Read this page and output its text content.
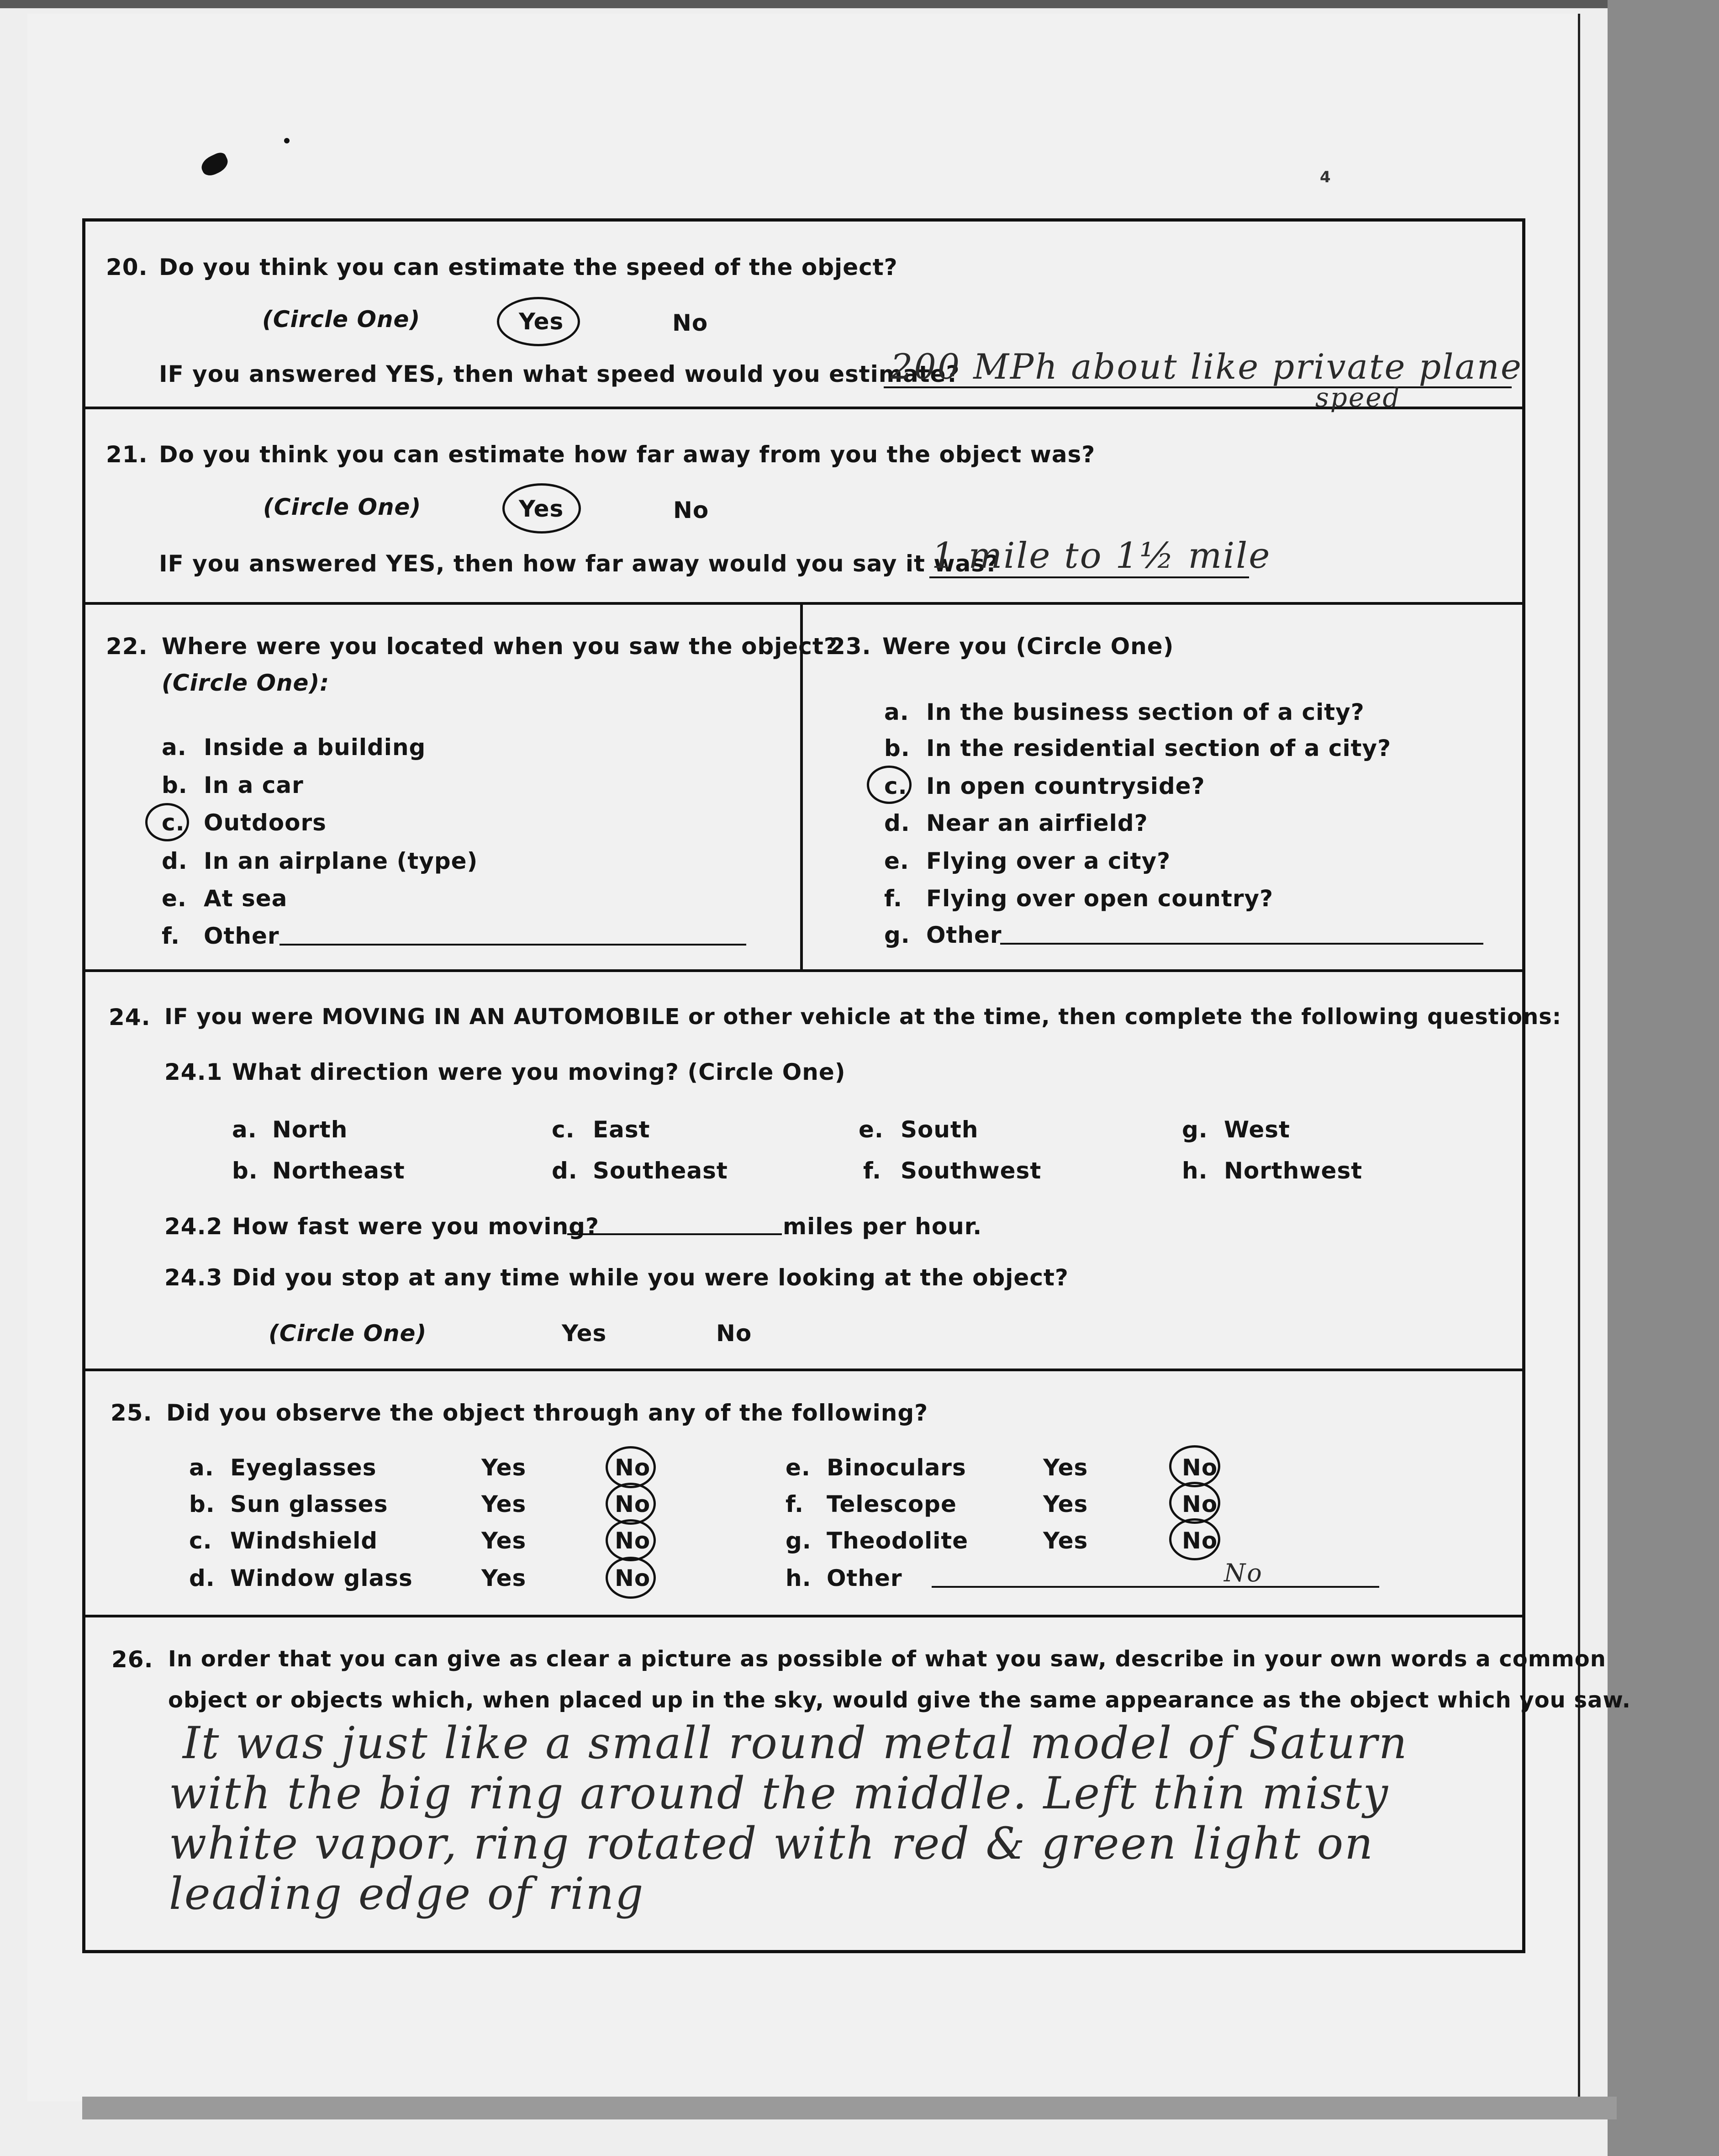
4
20. Do you think you can estimate the speed of the object?
(Circle One)	Yes	No
IF you answered YES, then what speed would you estimate?
200 MPh about like private plane
speed
21. Do you think you can estimate how far away from you the object was?
(Circle One)	Yes	No
IF you answered YES, then how far away would you say it was?
1 mile to 1½ mile
22. Where were you located when you saw the object?
(Circle One):
a. Inside a building
b. In a car
c. Outdoors
d. In an airplane (type)
e. At sea
f. Other
23. Were you (Circle One)
a. In the business section of a city?
b. In the residential section of a city?
c. In open countryside?
d. Near an airfield?
e. Flying over a city?
f. Flying over open country?
g. Other
24. IF you were MOVING IN AN AUTOMOBILE or other vehicle at the time, then complete the following questions:
24.1 What direction were you moving? (Circle One)
a. North
b. Northeast
c. East
d. Southeast
e. South
f. Southwest
g. West
h. Northwest
24.2 How fast were you moving?	miles per hour.
24.3 Did you stop at any time while you were looking at the object?
(Circle One)	Yes	No
25. Did you observe the object through any of the following?
a. Eyeglasses	Yes	No
b. Sun glasses	Yes	No
c. Windshield	Yes	No
d. Window glass	Yes	No
e. Binoculars	Yes	No
f. Telescope	Yes	No
g. Theodolite	Yes	No
h. Other	No
26. In order that you can give as clear a picture as possible of what you saw, describe in your own words a common
object or objects which, when placed up in the sky, would give the same appearance as the object which you saw.
It was just like a small round metal model of Saturn
with the big ring around the middle. Left thin misty
white vapor, ring rotated with red & green light on
leading edge of ring
